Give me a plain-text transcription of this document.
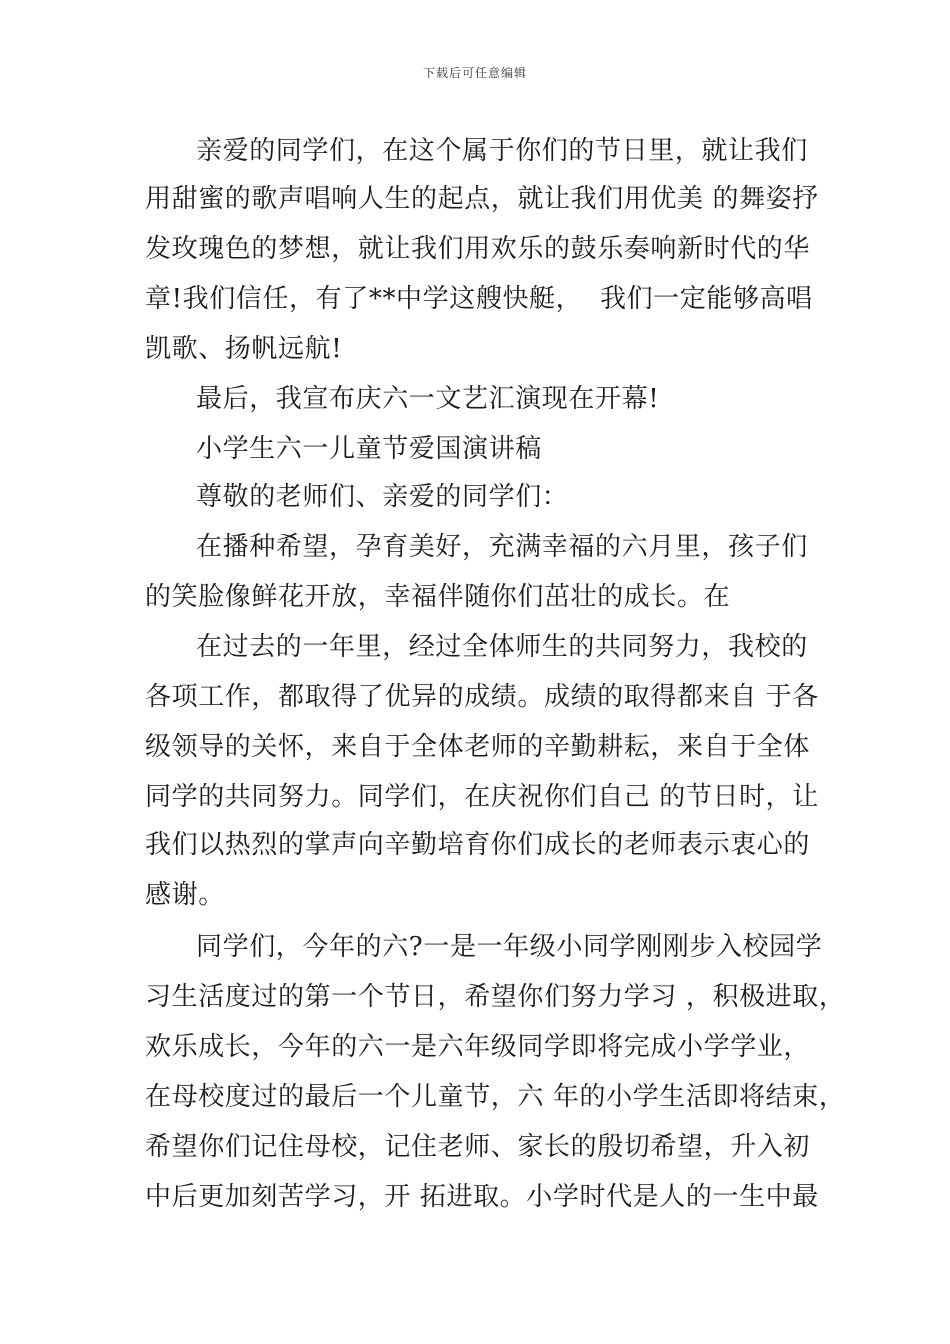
下载后可任意编辑
亲爱的同学们，在这个属于你们的节日里，就让我们
用甜蜜的歌声唱响人生的起点，就让我们用优美 的舞姿抒
发玫瑰色的梦想，就让我们用欢乐的鼓乐奏响新时代的华
章!我们信任，有了**中学这艘快艇，  我们一定能够高唱
凯歌、扬帆远航!
最后，我宣布庆六一文艺汇演现在开幕!
小学生六一儿童节爱国演讲稿
尊敬的老师们、亲爱的同学们：
在播种希望，孕育美好，充满幸福的六月里，孩子们
的笑脸像鲜花开放，幸福伴随你们茁壮的成长。在
在过去的一年里，经过全体师生的共同努力，我校的
各项工作，都取得了优异的成绩。成绩的取得都来自 于各
级领导的关怀，来自于全体老师的辛勤耕耘，来自于全体
同学的共同努力。同学们，在庆祝你们自己 的节日时，让
我们以热烈的掌声向辛勤培育你们成长的老师表示衷心的
感谢。
同学们，今年的六?一是一年级小同学刚刚步入校园学
习生活度过的第一个节日，希望你们努力学习 ，积极进取，
欢乐成长，今年的六一是六年级同学即将完成小学学业，
在母校度过的最后一个儿童节，六 年的小学生活即将结束，
希望你们记住母校，记住老师、家长的殷切希望，升入初
中后更加刻苦学习，开 拓进取。小学时代是人的一生中最
